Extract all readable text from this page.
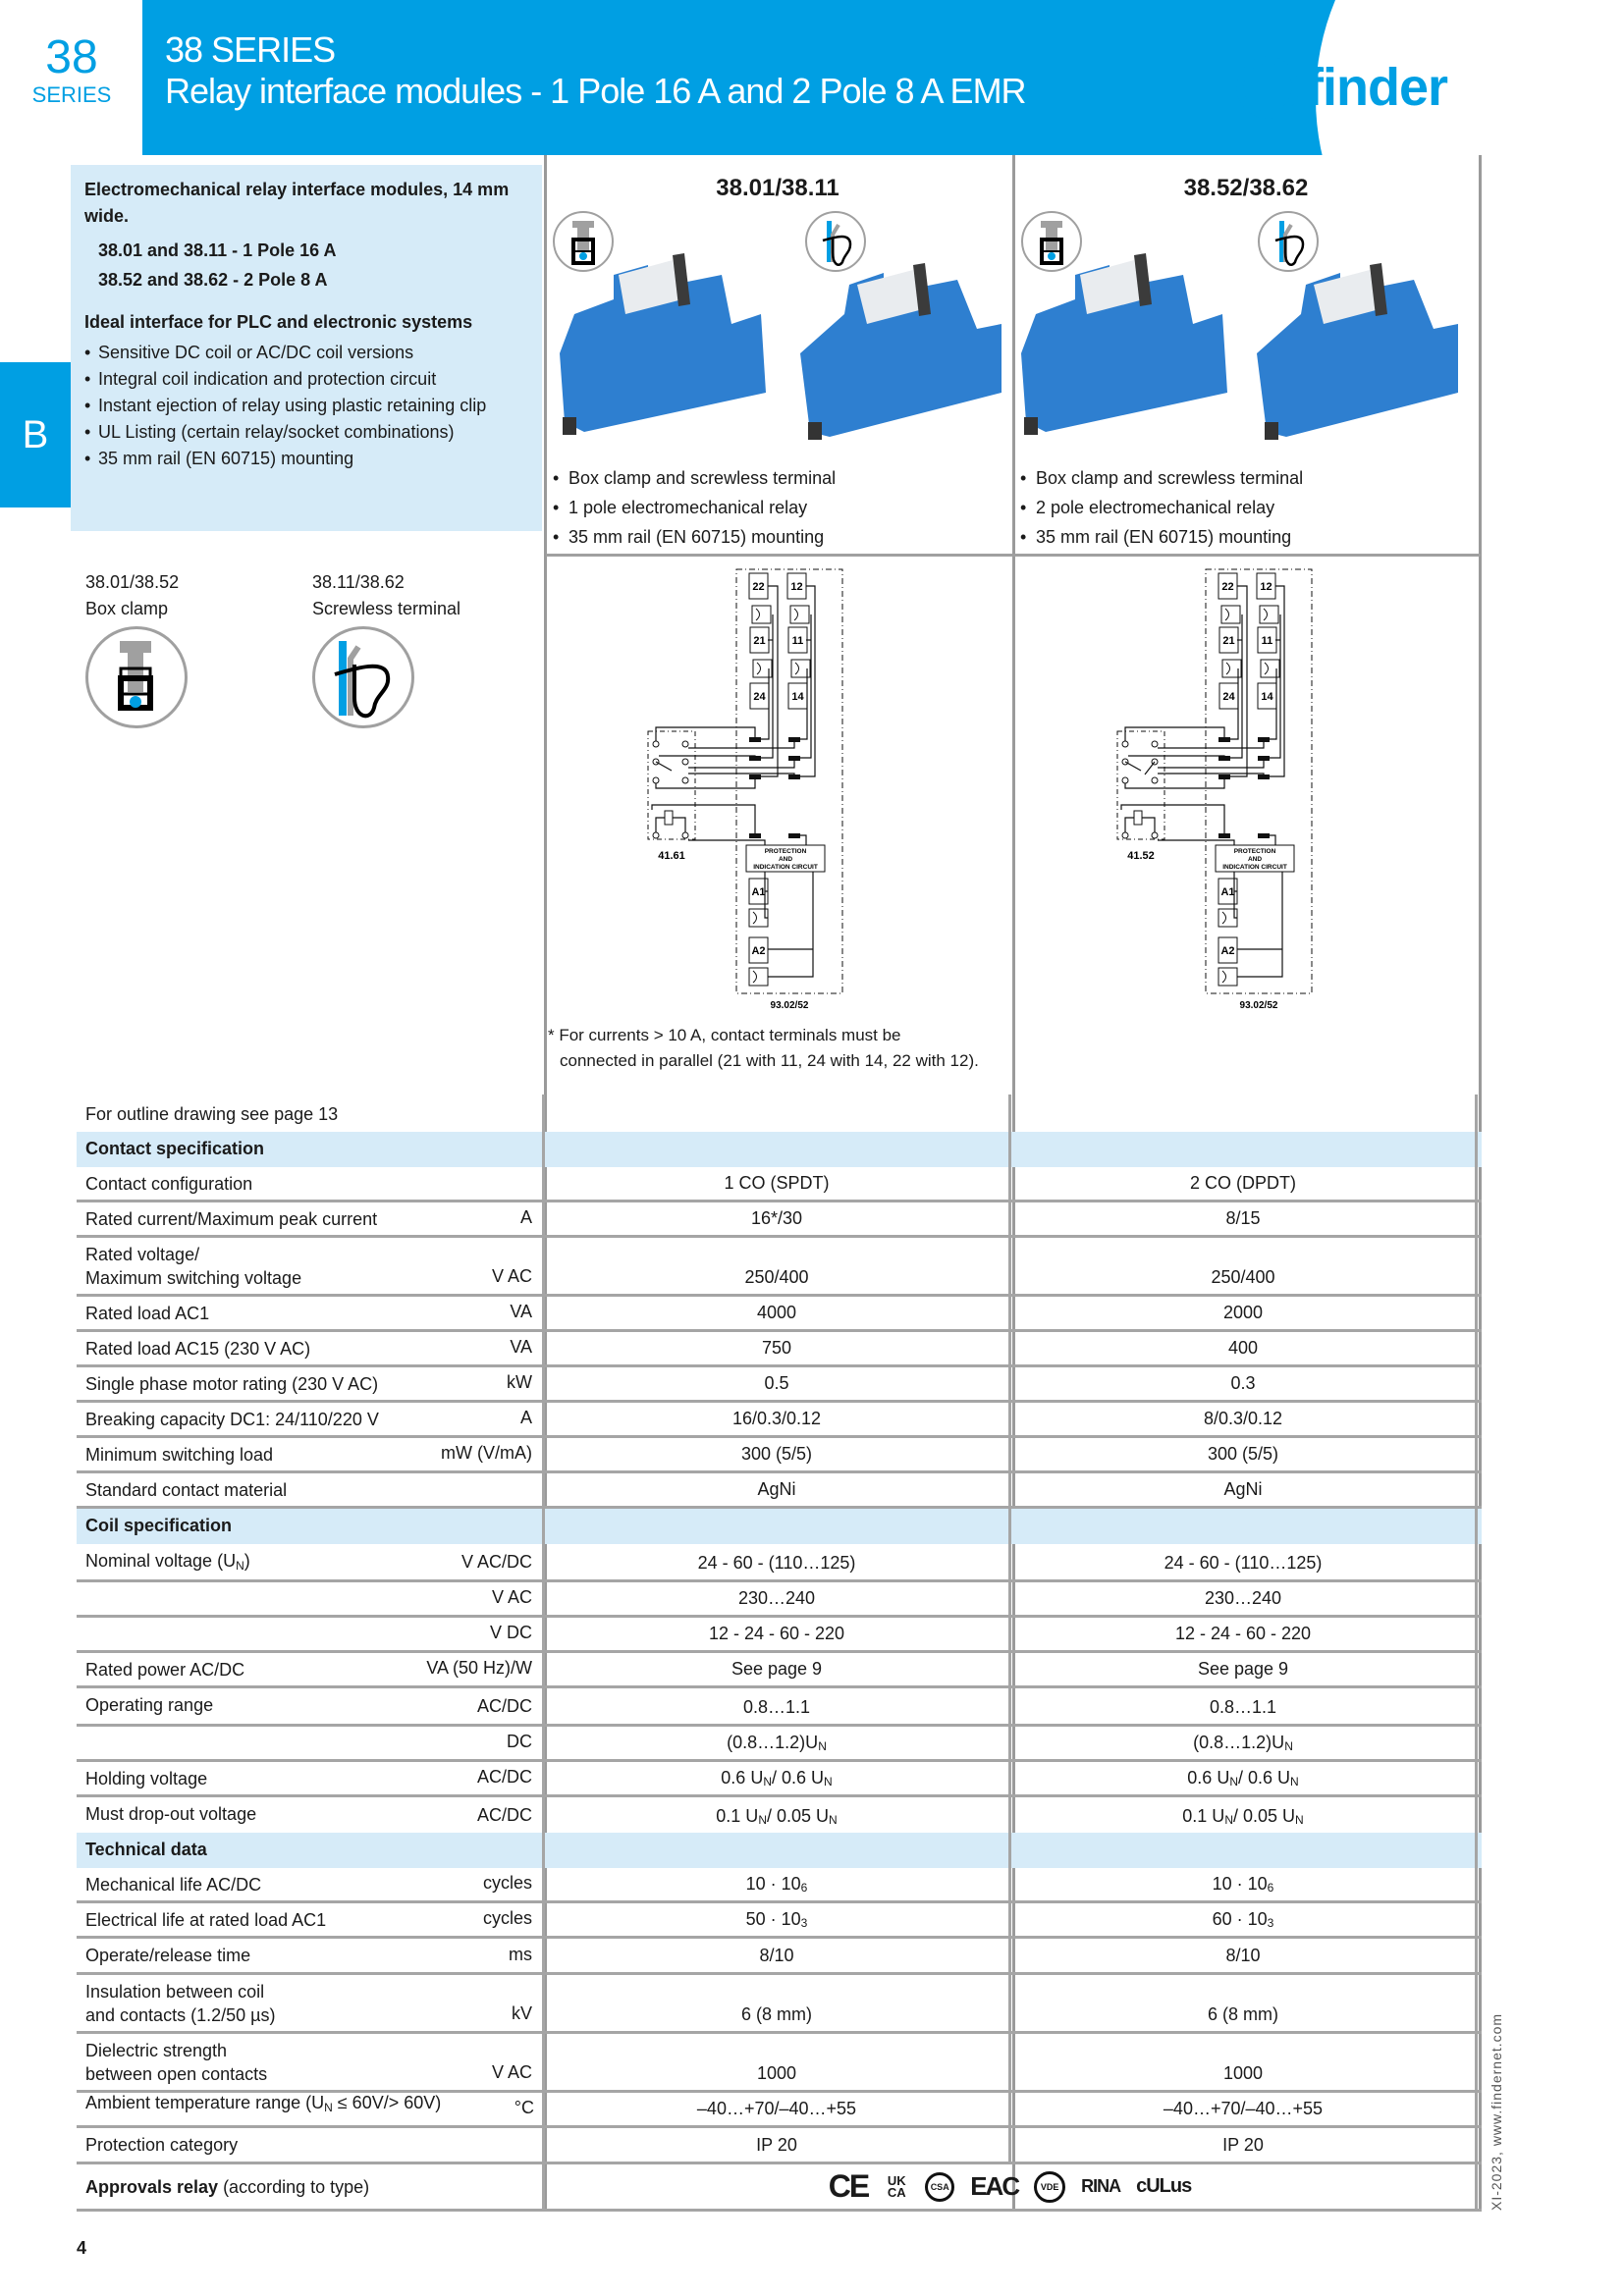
38
SERIES
38 SERIES
Relay interface modules - 1 Pole 16 A and 2 Pole 8 A EMR	finder
B
Electromechanical relay interface modules, 14 mm wide.
38.01 and 38.11 - 1 Pole 16 A
38.52 and 38.62 - 2 Pole 8 A
Ideal interface for PLC and electronic systems
• Sensitive DC coil or AC/DC coil versions
• Integral coil indication and protection circuit
• Instant ejection of relay using plastic retaining clip
• UL Listing (certain relay/socket combinations)
• 35 mm rail (EN 60715) mounting
38.01/38.11
• Box clamp and screwless terminal
• 1 pole electromechanical relay
• 35 mm rail (EN 60715) mounting
38.52/38.62
• Box clamp and screwless terminal
• 2 pole electromechanical relay
• 35 mm rail (EN 60715) mounting
38.01/38.52
Box clamp
38.11/38.62
Screwless terminal
22 12
21 11
24 14
41.61	PROTECTION
AND
INDICATION CIRCUIT
A1
A2
93.02/52
22 12
21 11
24 14
41.52	PROTECTION
AND
INDICATION CIRCUIT
A1
A2
93.02/52
* For currents > 10 A, contact terminals must be
connected in parallel (21 with 11, 24 with 14, 22 with 12).
For outline drawing see page 13
Contact specification
Contact configuration	1 CO (SPDT)	2 CO (DPDT)
Rated current/Maximum peak current	A	16*/30	8/15
Rated voltage/
Maximum switching voltage	V AC	250/400	250/400
Rated load AC1	VA	4000	2000
Rated load AC15 (230 V AC)	VA	750	400
Single phase motor rating (230 V AC)	kW	0.5	0.3
Breaking capacity DC1: 24/110/220 V	A	16/0.3/0.12	8/0.3/0.12
Minimum switching load	mW (V/mA)	300 (5/5)	300 (5/5)
Standard contact material	AgNi	AgNi
Coil specification
Nominal voltage $(U_N)$	V AC/DC	24 - 60 - (110…125)	24 - 60 - (110…125)
V AC	230…240	230…240
V DC	12 - 24 - 60 - 220	12 - 24 - 60 - 220
Rated power AC/DC	VA (50 Hz)/W	See page 9	See page 9
Operating range	AC/DC	0.8…1.1	0.8…1.1
DC	(0.8…1.2)U N	(0.8…1.2)U N
Holding voltage	AC/DC	0.6 U N / 0.6 U N	0.6 U N / 0.6 U N
Must drop-out voltage	AC/DC	0.1 U N / 0.05 U N	0.1 U N / 0.05 U N
Technical data
Mechanical life AC/DC	cycles	10 · 10 6	10 · 10 6
Electrical life at rated load AC1	cycles	50 · 10 3	60 · 10 3
Operate/release time	ms	8/10	8/10
Insulation between coil
and contacts (1.2/50 µs)	kV	6 (8 mm)	6 (8 mm)
Dielectric strength
between open contacts	V AC	1000	1000
Ambient temperature range $(U_N \le 60V/> 60V)$	°C	–40…+70/–40…+55	–40…+70/–40…+55
Protection category	IP 20	IP 20
Approvals relay (according to type)	CE UKCA	CSA EAC	VDE	RINA cULus
4
XI-2023, www.findernet.com
